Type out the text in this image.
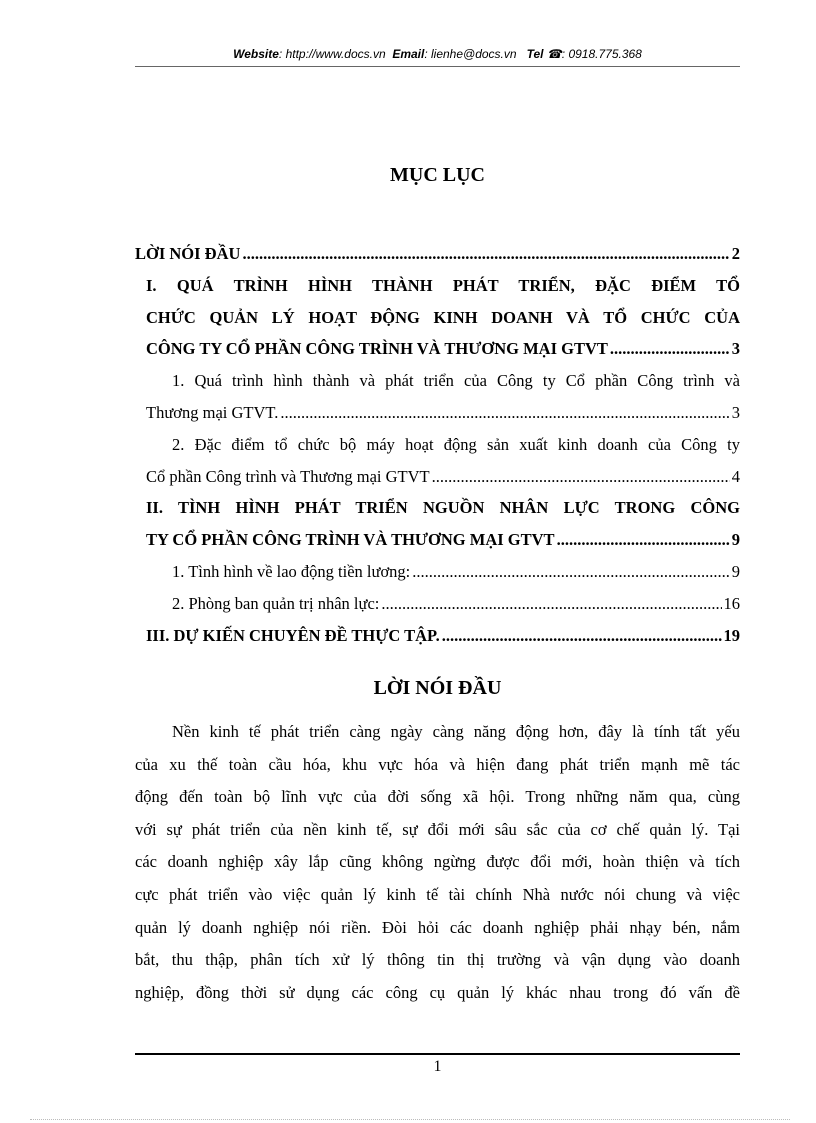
Website: http://www.docs.vn Email: lienhe@docs.vn Tel ☎: 0918.775.368
MỤC LỤC
LỜI NÓI ĐẦU .....	2
I. QUÁ TRÌNH HÌNH THÀNH PHÁT TRIỂN, ĐẶC ĐIỂM TỔ
CHỨC QUẢN LÝ HOẠT ĐỘNG KINH DOANH VÀ TỔ CHỨC CỦA
CÔNG TY CỔ PHẦN CÔNG TRÌNH VÀ THƯƠNG MẠI GTVT .....	3
1. Quá trình hình thành và phát triển của Công ty Cổ phần Công trình và
Thương mại GTVT. .....	3
2. Đặc điểm tổ chức bộ máy hoạt động sản xuất kinh doanh của Công ty
Cổ phần Công trình và Thương mại GTVT .....	4
II. TÌNH HÌNH PHÁT TRIỂN NGUỒN NHÂN LỰC TRONG CÔNG
TY CỔ PHẦN CÔNG TRÌNH VÀ THƯƠNG MẠI GTVT .....	9
1. Tình hình về lao động tiền lương: .....	9
2. Phòng ban quản trị nhân lực: .....	16
III. DỰ KIẾN CHUYÊN ĐỀ THỰC TẬP. .....	19
LỜI NÓI ĐẦU
Nền kinh tế phát triển càng ngày càng năng động hơn, đây là tính tất yếu
của xu thế toàn cầu hóa, khu vực hóa và hiện đang phát triển mạnh mẽ tác
động đến toàn bộ lĩnh vực của đời sống xã hội. Trong những năm qua, cùng
với sự phát triển của nền kinh tế, sự đổi mới sâu sắc của cơ chế quản lý. Tại
các doanh nghiệp xây lắp cũng không ngừng được đổi mới, hoàn thiện và tích
cực phát triển vào việc quản lý kinh tế tài chính Nhà nước nói chung và việc
quản lý doanh nghiệp nói riền. Đòi hỏi các doanh nghiệp phải nhạy bén, nắm
bắt, thu thập, phân tích xử lý thông tin thị trường và vận dụng vào doanh
nghiệp, đồng thời sử dụng các công cụ quản lý khác nhau trong đó vấn đề
1
